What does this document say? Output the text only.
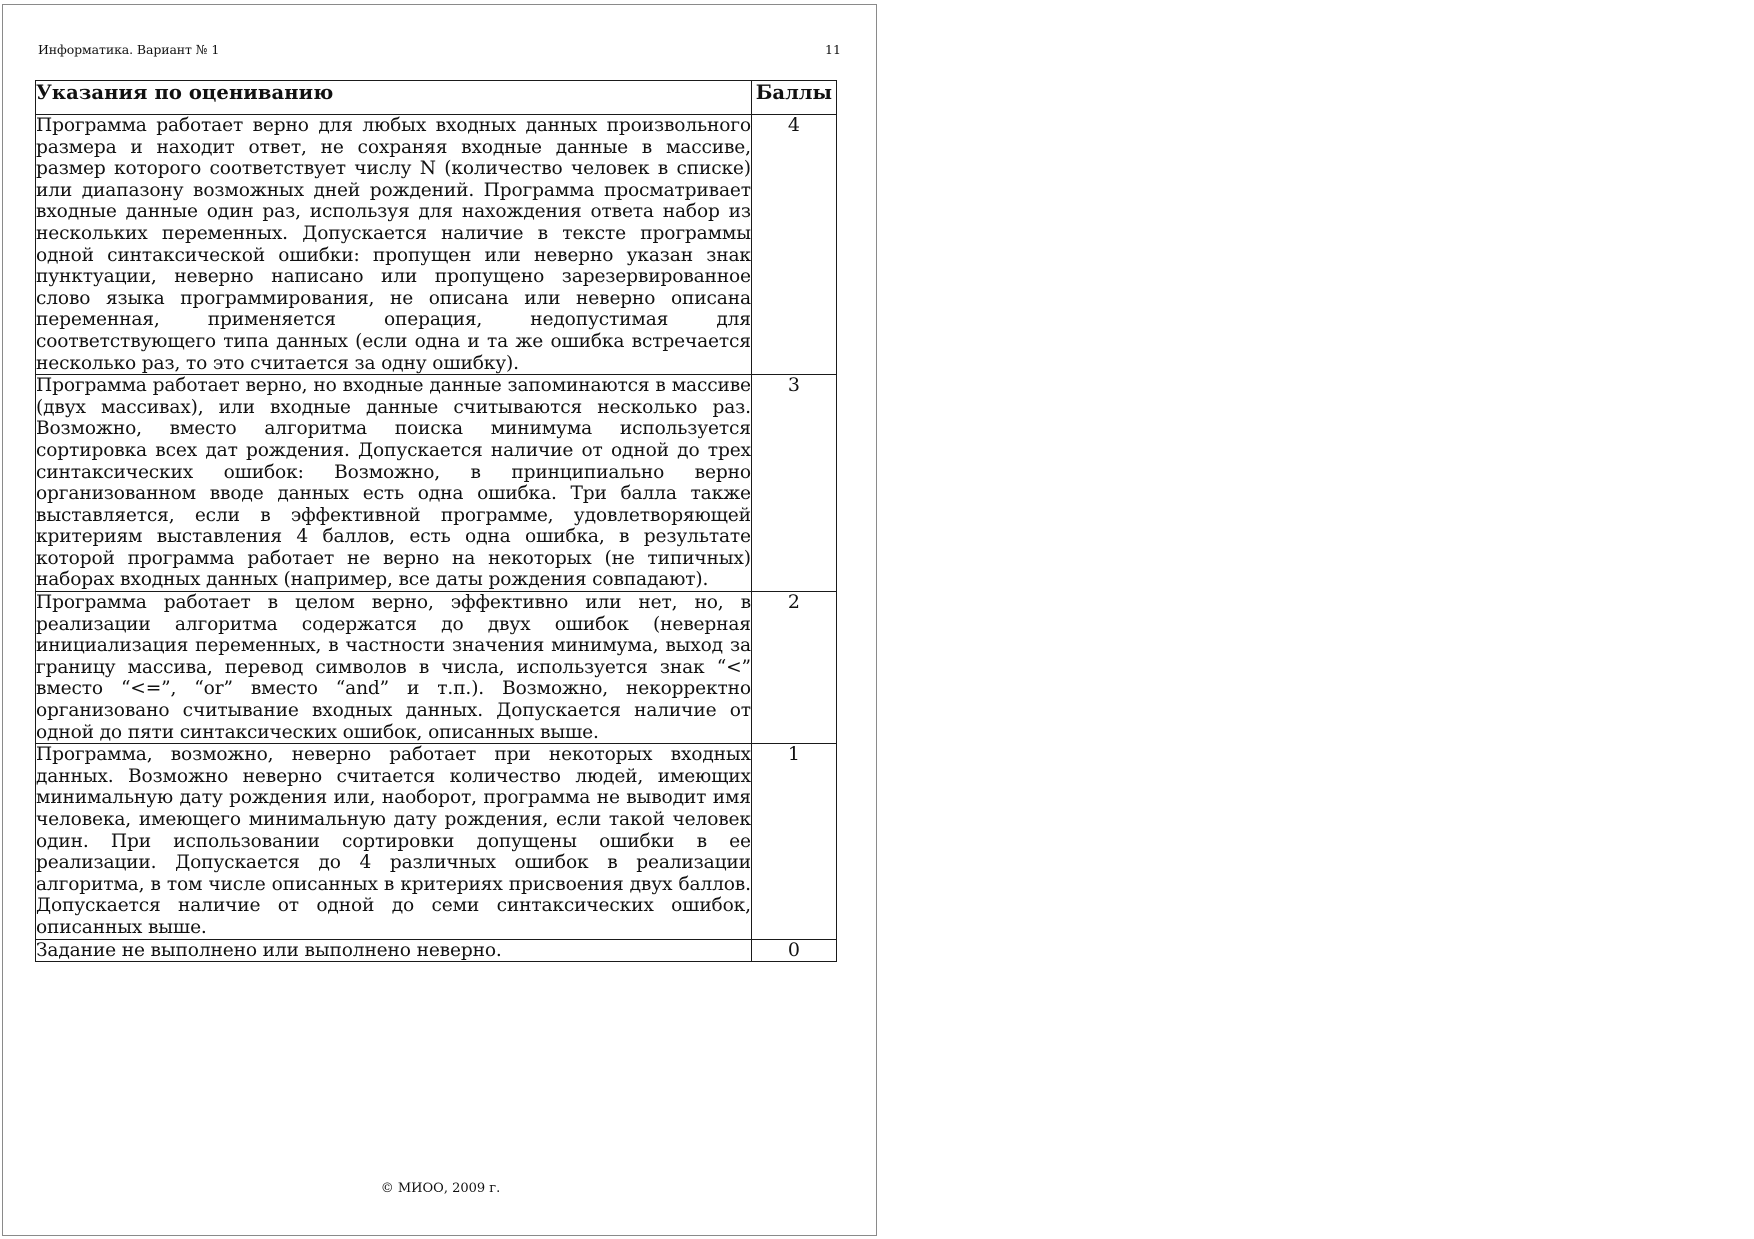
Информатика. Вариант № 1	11
Указания по оцениванию	Баллы
Программа работает верно для любых входных данных произвольного размера и находит ответ, не сохраняя входные данные в массиве, размер которого соответствует числу N (количество человек в списке) или диапазону возможных дней рождений. Программа просматривает входные данные один раз, используя для нахождения ответа набор из нескольких переменных. Допускается наличие в тексте программы одной синтаксической ошибки: пропущен или неверно указан знак пунктуации, неверно написано или пропущено зарезервированное слово языка программирования, не описана или неверно описана переменная, применяется операция, недопустимая для соответствующего типа данных (если одна и та же ошибка встречается несколько раз, то это считается за одну ошибку).	4
Программа работает верно, но входные данные запоминаются в массиве (двух массивах), или входные данные считываются несколько раз. Возможно, вместо алгоритма поиска минимума используется сортировка всех дат рождения. Допускается наличие от одной до трех синтаксических ошибок: Возможно, в принципиально верно организованном вводе данных есть одна ошибка. Три балла также выставляется, если в эффективной программе, удовлетворяющей критериям выставления 4 баллов, есть одна ошибка, в результате которой программа работает не верно на некоторых (не типичных) наборах входных данных (например, все даты рождения совпадают).	3
Программа работает в целом верно, эффективно или нет, но, в реализации алгоритма содержатся до двух ошибок (неверная инициализация переменных, в частности значения минимума, выход за границу массива, перевод символов в числа, используется знак “<” вместо “<=”, “or” вместо “and” и т.п.). Возможно, некорректно организовано считывание входных данных. Допускается наличие от одной до пяти синтаксических ошибок, описанных выше.	2
Программа, возможно, неверно работает при некоторых входных данных. Возможно неверно считается количество людей, имеющих минимальную дату рождения или, наоборот, программа не выводит имя человека, имеющего минимальную дату рождения, если такой человек один. При использовании сортировки допущены ошибки в ее реализации. Допускается до 4 различных ошибок в реализации алгоритма, в том числе описанных в критериях присвоения двух баллов. Допускается наличие от одной до семи синтаксических ошибок, описанных выше.	1
Задание не выполнено или выполнено неверно.	0
© МИОО, 2009 г.
